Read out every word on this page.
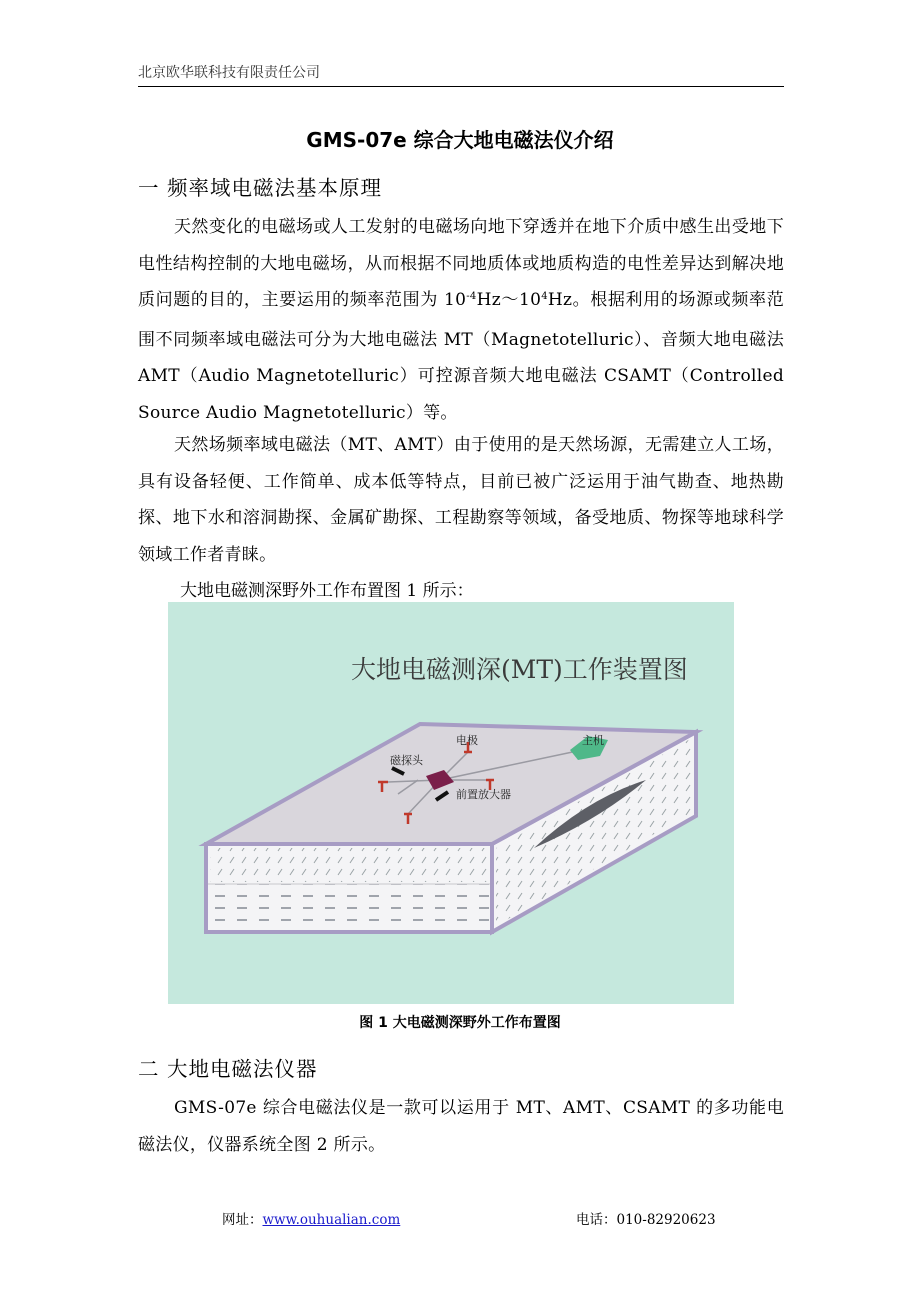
北京欧华联科技有限责任公司
GMS-07e 综合大地电磁法仪介绍
一 频率域电磁法基本原理
天然变化的电磁场或人工发射的电磁场向地下穿透并在地下介质中感生出受地下电性结构控制的大地电磁场，从而根据不同地质体或地质构造的电性差异达到解决地质问题的目的，主要运用的频率范围为 $10^{-4}Hz\sim 10^4Hz$。根据利用的场源或频率范围不同频率域电磁法可分为大地电磁法 MT（Magnetotelluric）、音频大地电磁法 AMT（Audio Magnetotelluric）可控源音频大地电磁法 CSAMT（Controlled Source Audio Magnetotelluric）等。
天然场频率域电磁法（MT、AMT）由于使用的是天然场源，无需建立人工场，具有设备轻便、工作简单、成本低等特点，目前已被广泛运用于油气勘查、地热勘探、地下水和溶洞勘探、金属矿勘探、工程勘察等领域，备受地质、物探等地球科学领域工作者青睐。
大地电磁测深野外工作布置图 1 所示：
大地电磁测深(MT)工作装置图
电极	主机
磁探头
前置放大器
图 1 大电磁测深野外工作布置图
二 大地电磁法仪器
GMS-07e 综合电磁法仪是一款可以运用于 MT、AMT、CSAMT 的多功能电磁法仪，仪器系统全图 2 所示。
网址：www.ouhualian.com	电话：010-82920623
